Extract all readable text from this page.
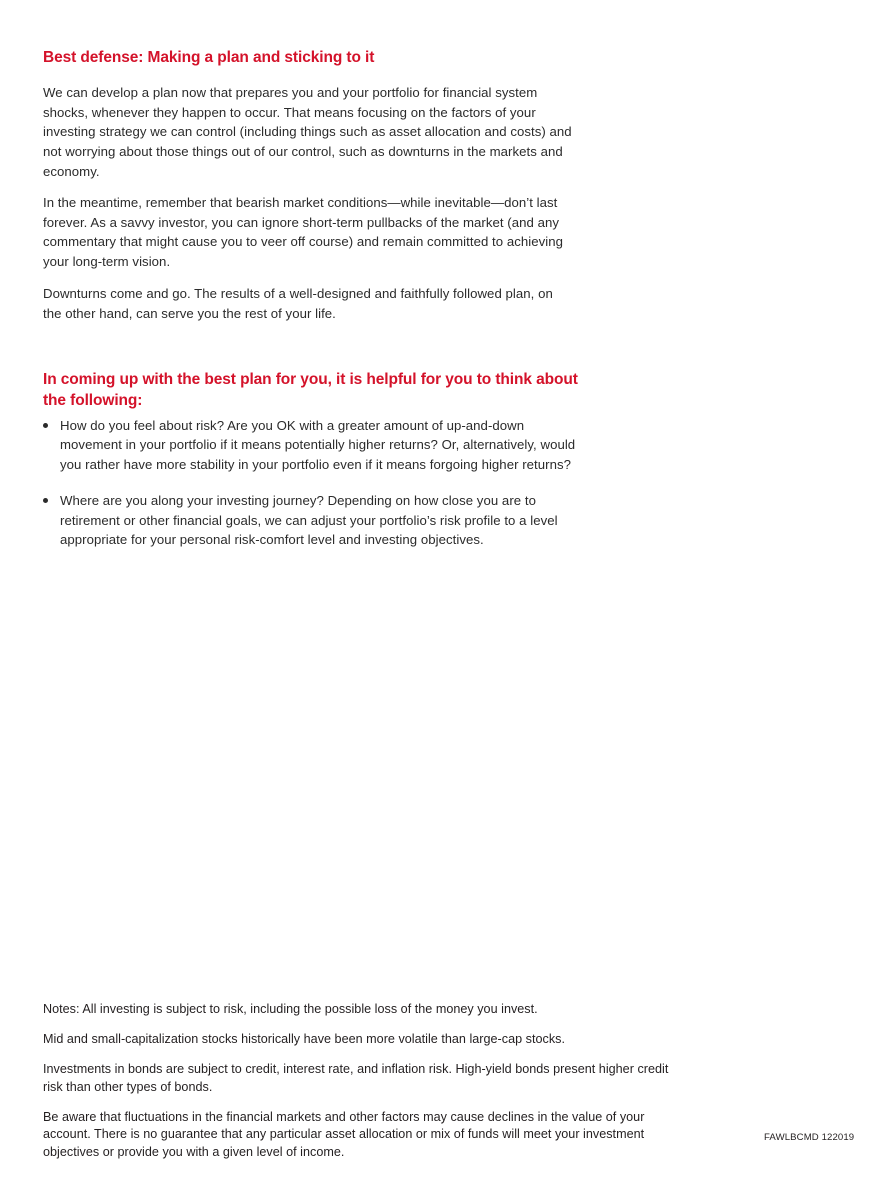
Best defense: Making a plan and sticking to it

We can develop a plan now that prepares you and your portfolio for financial system shocks, whenever they happen to occur. That means focusing on the factors of your investing strategy we can control (including things such as asset allocation and costs) and not worrying about those things out of our control, such as downturns in the markets and economy.

In the meantime, remember that bearish market conditions—while inevitable—don’t last forever. As a savvy investor, you can ignore short-term pullbacks of the market (and any commentary that might cause you to veer off course) and remain committed to achieving your long-term vision.

Downturns come and go. The results of a well-designed and faithfully followed plan, on the other hand, can serve you the rest of your life.

In coming up with the best plan for you, it is helpful for you to think about the following:
How do you feel about risk? Are you OK with a greater amount of up-and-down movement in your portfolio if it means potentially higher returns? Or, alternatively, would you rather have more stability in your portfolio even if it means forgoing higher returns?
Where are you along your investing journey? Depending on how close you are to retirement or other financial goals, we can adjust your portfolio’s risk profile to a level appropriate for your personal risk-comfort level and investing objectives.

Notes: All investing is subject to risk, including the possible loss of the money you invest.

Mid and small-capitalization stocks historically have been more volatile than large-cap stocks.

Investments in bonds are subject to credit, interest rate, and inflation risk. High-yield bonds present higher credit risk than other types of bonds.

Be aware that fluctuations in the financial markets and other factors may cause declines in the value of your account. There is no guarantee that any particular asset allocation or mix of funds will meet your investment objectives or provide you with a given level of income.

FAWLBCMD 122019
